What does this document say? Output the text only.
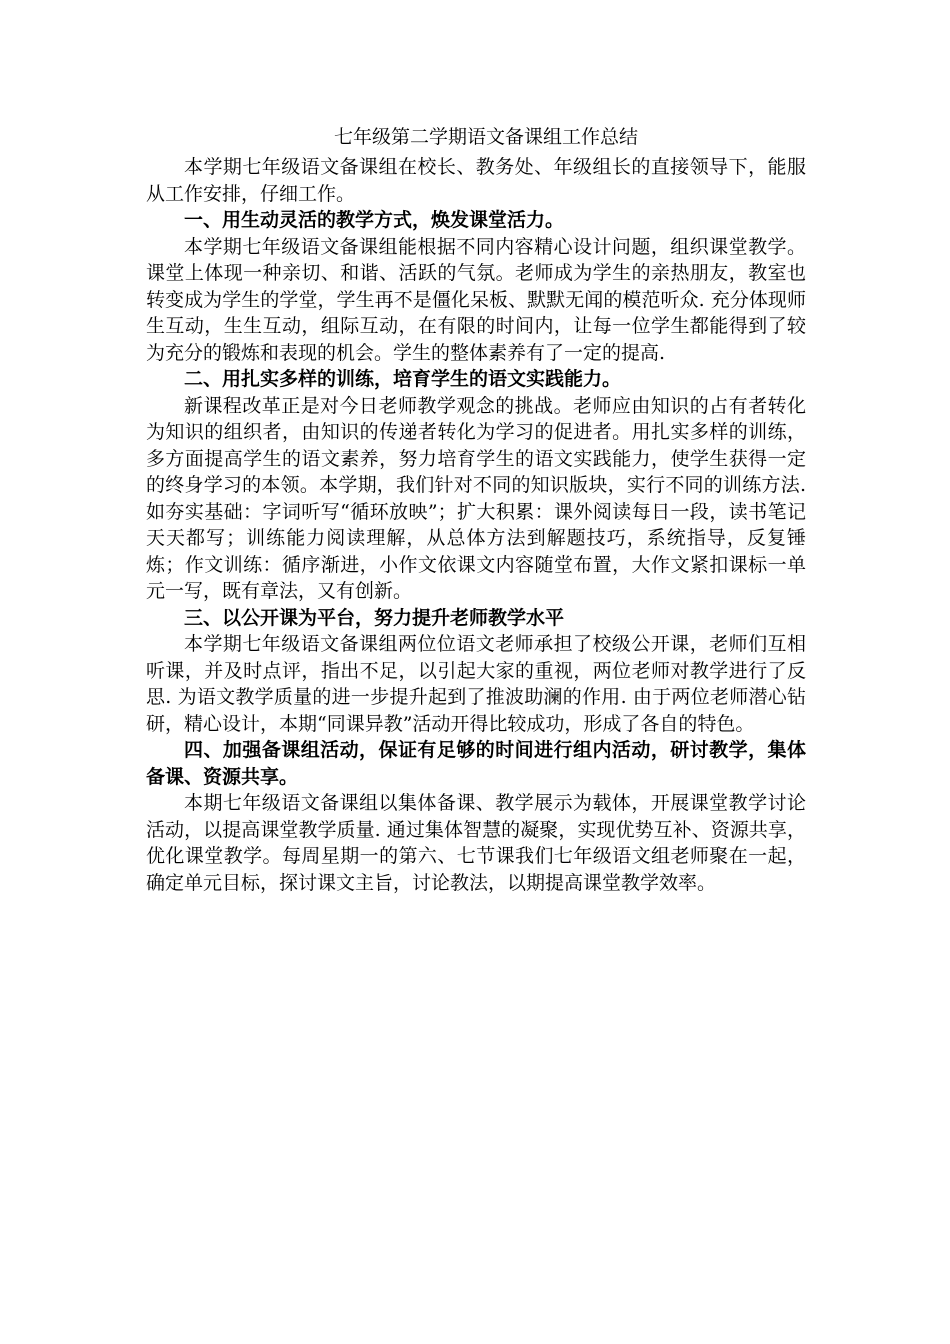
七年级第二学期语文备课组工作总结

本学期七年级语文备课组在校长、教务处、年级组长的直接领导下，能服从工作安排，仔细工作。

一、用生动灵活的教学方式，焕发课堂活力。

本学期七年级语文备课组能根据不同内容精心设计问题，组织课堂教学。课堂上体现一种亲切、和谐、活跃的气氛。老师成为学生的亲热朋友，教室也转变成为学生的学堂，学生再不是僵化呆板、默默无闻的模范听众. 充分体现师生互动，生生互动，组际互动，在有限的时间内，让每一位学生都能得到了较为充分的锻炼和表现的机会。学生的整体素养有了一定的提高.

二、用扎实多样的训练，培育学生的语文实践能力。

新课程改革正是对今日老师教学观念的挑战。老师应由知识的占有者转化为知识的组织者，由知识的传递者转化为学习的促进者。用扎实多样的训练，多方面提高学生的语文素养，努力培育学生的语文实践能力，使学生获得一定的终身学习的本领。本学期，我们针对不同的知识版块，实行不同的训练方法. 如夯实基础：字词听写“循环放映”；扩大积累：课外阅读每日一段，读书笔记天天都写；训练能力阅读理解，从总体方法到解题技巧，系统指导，反复锤炼；作文训练：循序渐进，小作文依课文内容随堂布置，大作文紧扣课标一单元一写，既有章法，又有创新。

三、以公开课为平台，努力提升老师教学水平

本学期七年级语文备课组两位位语文老师承担了校级公开课，老师们互相听课，并及时点评，指出不足，以引起大家的重视，两位老师对教学进行了反思. 为语文教学质量的进一步提升起到了推波助澜的作用. 由于两位老师潜心钻研，精心设计，本期“同课异教”活动开得比较成功，形成了各自的特色。

四、加强备课组活动，保证有足够的时间进行组内活动，研讨教学，集体备课、资源共享。

本期七年级语文备课组以集体备课、教学展示为载体，开展课堂教学讨论活动，以提高课堂教学质量. 通过集体智慧的凝聚，实现优势互补、资源共享，优化课堂教学。每周星期一的第六、七节课我们七年级语文组老师聚在一起，确定单元目标，探讨课文主旨，讨论教法，以期提高课堂教学效率。
